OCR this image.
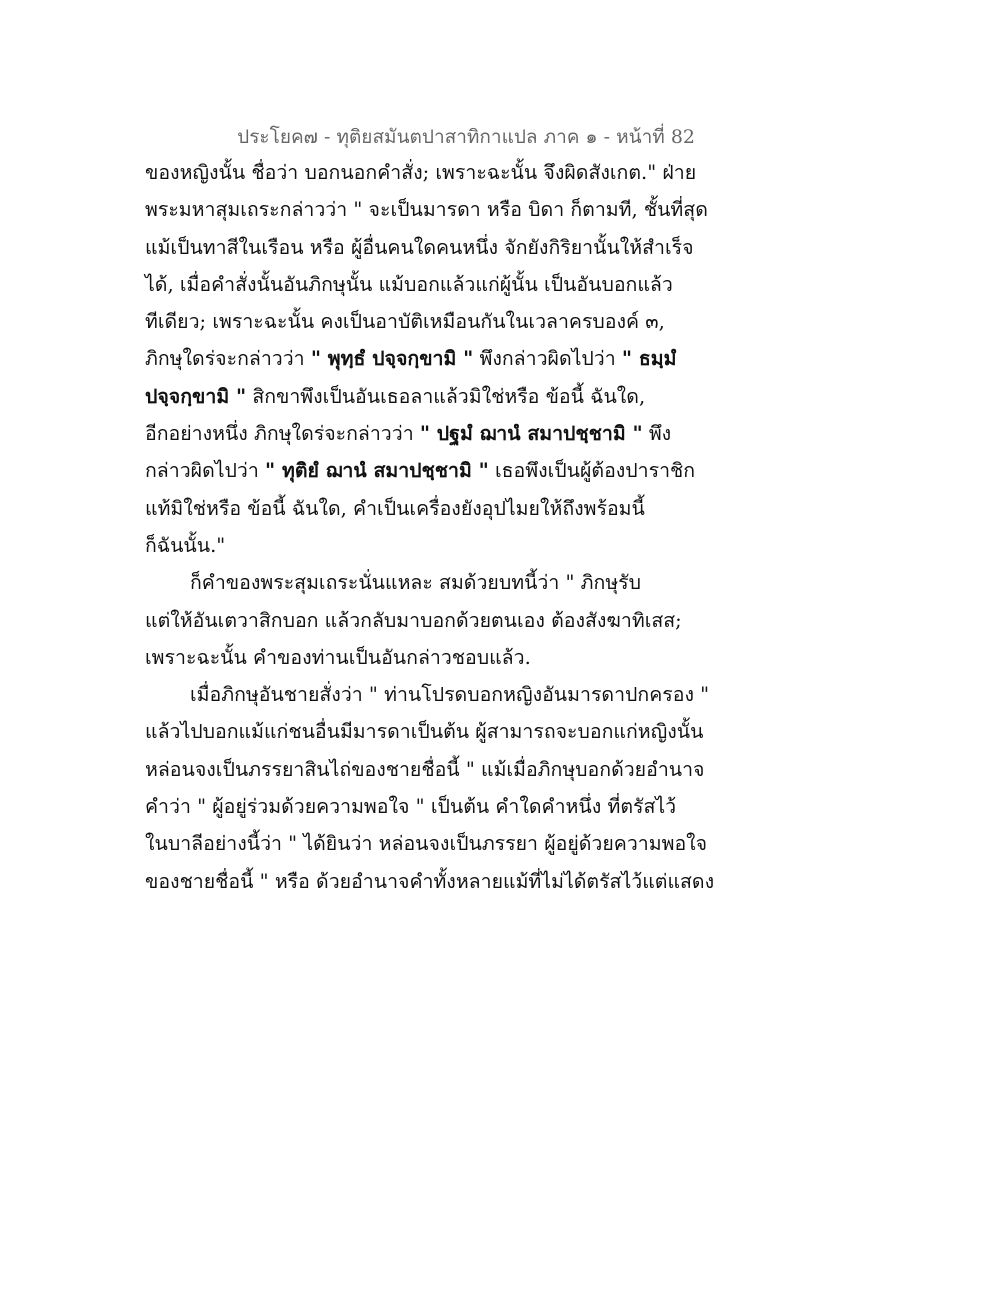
ประโยค๗ - ทุติยสมันตปาสาทิกาแปล ภาค ๑ - หน้าที่ 82
ของหญิงนั้น ชื่อว่า บอกนอกคำสั่ง; เพราะฉะนั้น จึงผิดสังเกต." ฝ่าย
พระมหาสุมเถระกล่าวว่า " จะเป็นมารดา หรือ บิดา ก็ตามที, ชั้นที่สุด
แม้เป็นทาสีในเรือน หรือ ผู้อื่นคนใดคนหนึ่ง จักยังกิริยานั้นให้สำเร็จ
ได้, เมื่อคำสั่งนั้นอันภิกษุนั้น แม้บอกแล้วแก่ผู้นั้น เป็นอันบอกแล้ว
ทีเดียว; เพราะฉะนั้น คงเป็นอาบัติเหมือนกันในเวลาครบองค์ ๓,
ภิกษุใดร่จะกล่าวว่า " พุทฺธํ ปจฺจกฺขามิ " พึงกล่าวผิดไปว่า " ธมฺมํ
ปจฺจกฺขามิ " สิกขาพึงเป็นอันเธอลาแล้วมิใช่หรือ ข้อนี้ ฉันใด,
อีกอย่างหนึ่ง ภิกษุใดร่จะกล่าวว่า " ปฐมํ ฌานํ สมาปชฺชามิ " พึง
กล่าวผิดไปว่า " ทุติยํ ฌานํ สมาปชฺชามิ " เธอพึงเป็นผู้ต้องปาราชิก
แท้มิใช่หรือ ข้อนี้ ฉันใด, คำเป็นเครื่องยังอุปไมยให้ถึงพร้อมนี้
ก็ฉันนั้น."
ก็คำของพระสุมเถระนั่นแหละ สมด้วยบทนี้ว่า " ภิกษุรับ
แต่ให้อันเตวาสิกบอก แล้วกลับมาบอกด้วยตนเอง ต้องสังฆาทิเสส;
เพราะฉะนั้น คำของท่านเป็นอันกล่าวชอบแล้ว.
เมื่อภิกษุอันชายสั่งว่า " ท่านโปรดบอกหญิงอันมารดาปกครอง "
แล้วไปบอกแม้แก่ชนอื่นมีมารดาเป็นต้น ผู้สามารถจะบอกแก่หญิงนั้น
หล่อนจงเป็นภรรยาสินไถ่ของชายชื่อนี้ " แม้เมื่อภิกษุบอกด้วยอำนาจ
คำว่า " ผู้อยู่ร่วมด้วยความพอใจ " เป็นต้น คำใดคำหนึ่ง ที่ตรัสไว้
ในบาลีอย่างนี้ว่า " ได้ยินว่า หล่อนจงเป็นภรรยา ผู้อยู่ด้วยความพอใจ
ของชายชื่อนี้ " หรือ ด้วยอำนาจคำทั้งหลายแม้ที่ไม่ได้ตรัสไว้แต่แสดง
